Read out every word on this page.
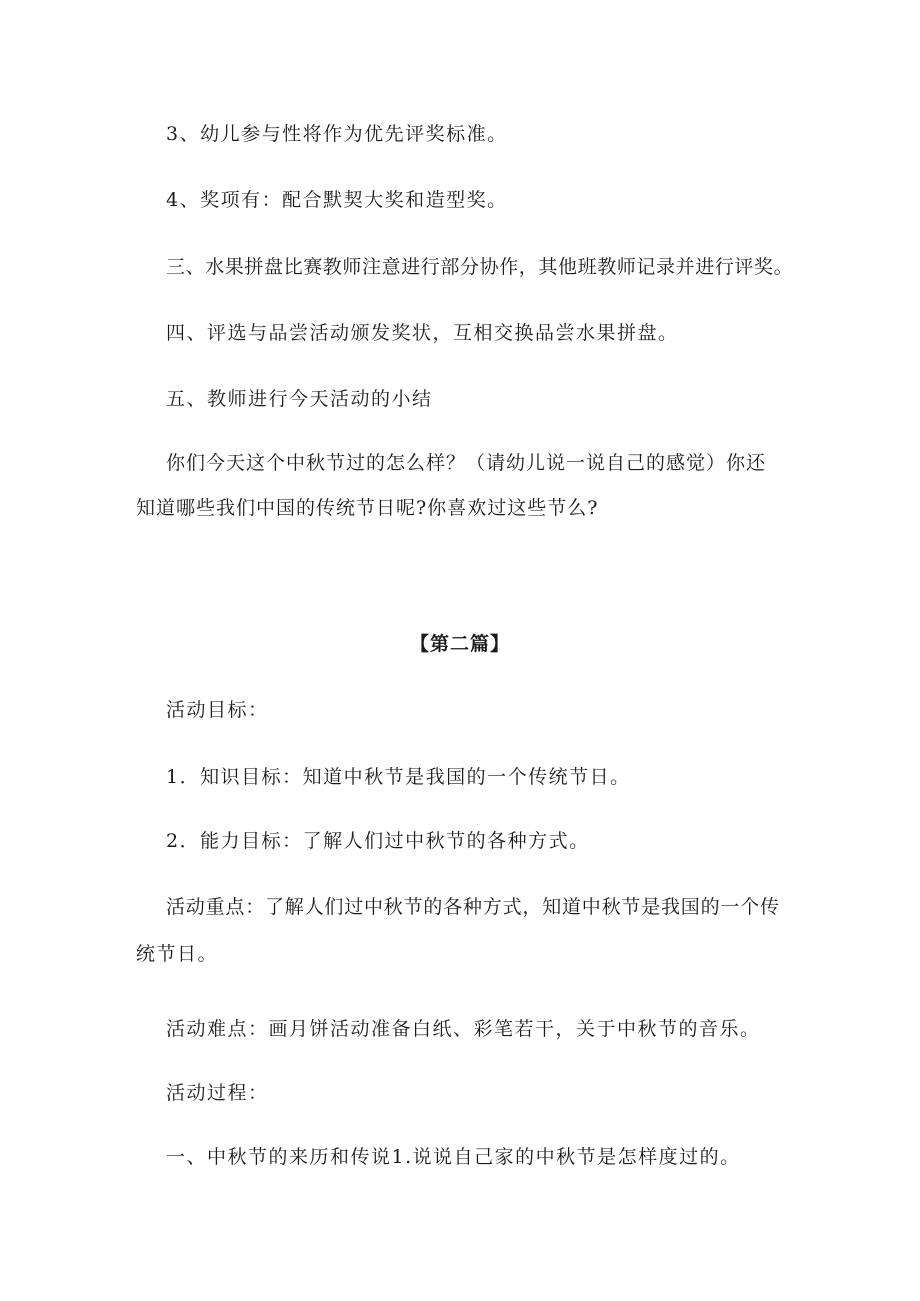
3、幼儿参与性将作为优先评奖标准。

4、奖项有：配合默契大奖和造型奖。

三、水果拼盘比赛教师注意进行部分协作，其他班教师记录并进行评奖。

四、评选与品尝活动颁发奖状，互相交换品尝水果拼盘。

五、教师进行今天活动的小结

你们今天这个中秋节过的怎么样？（请幼儿说一说自己的感觉）你还

知道哪些我们中国的传统节日呢?你喜欢过这些节么?

【第二篇】

活动目标：

1．知识目标：知道中秋节是我国的一个传统节日。

2．能力目标：了解人们过中秋节的各种方式。

活动重点：了解人们过中秋节的各种方式，知道中秋节是我国的一个传

统节日。

活动难点：画月饼活动准备白纸、彩笔若干，关于中秋节的音乐。

活动过程：

一、中秋节的来历和传说1.说说自己家的中秋节是怎样度过的。
